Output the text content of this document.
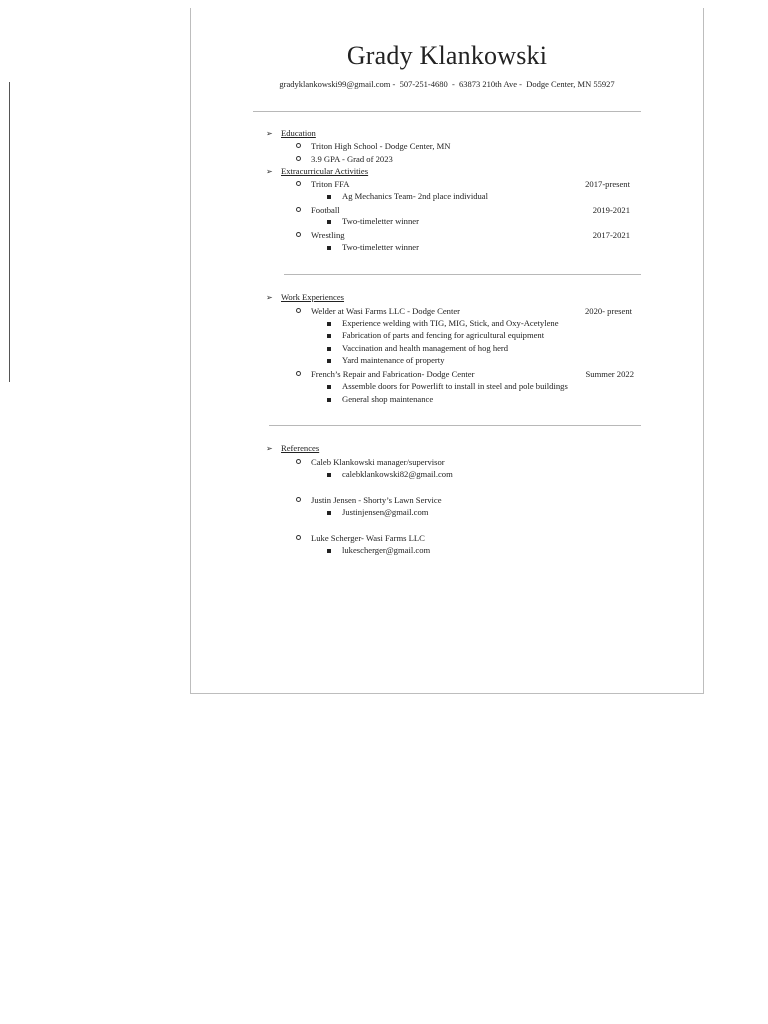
Grady Klankowski
gradyklankowski99@gmail.com -  507-251-4680  -  63873 210th Ave -  Dodge Center, MN 55927
➢ Education
Triton High School - Dodge Center, MN
3.9 GPA - Grad of 2023
➢ Extracurricular Activities
Triton FFA	2017-present
Ag Mechanics Team- 2nd place individual
Football	2019-2021
Two-timeletter winner
Wrestling	2017-2021
Two-timeletter winner
➢ Work Experiences
Welder at Wasi Farms LLC - Dodge Center	2020- present
Experience welding with TIG, MIG, Stick, and Oxy-Acetylene
Fabrication of parts and fencing for agricultural equipment
Vaccination and health management of hog herd
Yard maintenance of property
French’s Repair and Fabrication- Dodge Center	Summer 2022
Assemble doors for Powerlift to install in steel and pole buildings
General shop maintenance
➢ References
Caleb Klankowski manager/supervisor
calebklankowski82@gmail.com
Justin Jensen - Shorty’s Lawn Service
Justinjensen@gmail.com
Luke Scherger- Wasi Farms LLC
lukescherger@gmail.com
